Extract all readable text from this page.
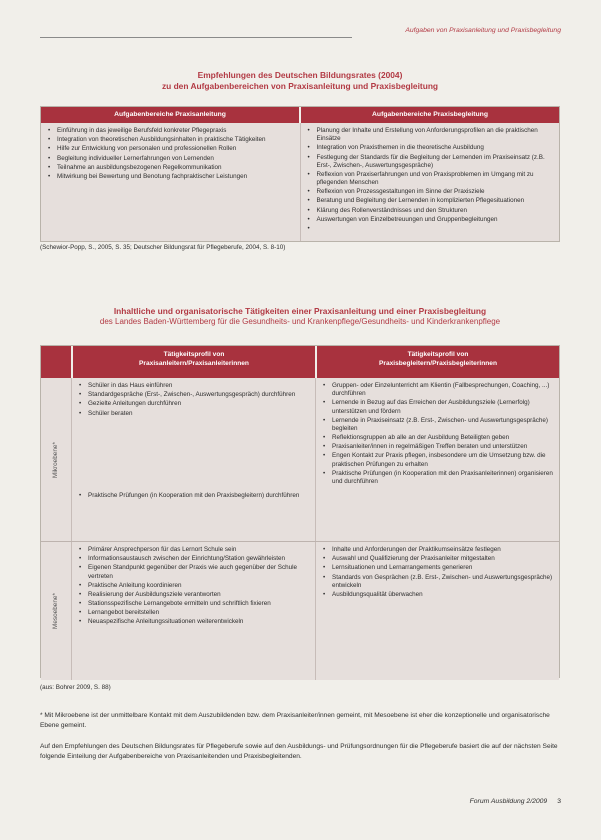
Aufgaben von Praxisanleitung und Praxisbegleitung
Empfehlungen des Deutschen Bildungsrates (2004)
zu den Aufgabenbereichen von Praxisanleitung und Praxisbegleitung
Aufgabenbereiche Praxisanleitung	Aufgabenbereiche Praxisbegleitung
• Einführung in das jeweilige Berufsfeld konkreter Pflegepraxis
• Integration von theoretischen Ausbildungsinhalten in praktische Tätigkeiten
• Hilfe zur Entwicklung von personalen und professionellen Rollen
• Begleitung individueller Lernerfahrungen von Lernenden
• Teilnahme an ausbildungsbezogenen Regelkommunikation
• Mitwirkung bei Bewertung und Benotung fachpraktischer Leistungen
• Planung der Inhalte und Erstellung von Anforderungsprofilen an die praktischen Einsätze
• Integration von Praxisthemen in die theoretische Ausbildung
• Festlegung der Standards für die Begleitung der Lernenden im Praxiseinsatz (z.B. Erst-, Zwischen-, Auswertungsgespräche)
• Reflexion von Praxiserfahrungen und von Praxisproblemen im Umgang mit zu pflegenden Menschen
• Reflexion von Prozessgestaltungen im Sinne der Praxisziele
• Beratung und Begleitung der Lernenden in komplizierten Pflegesituationen
• Klärung des Rollenverständnisses und den Strukturen
• Auswertungen von Einzelbetreuungen und Gruppenbegleitungen
(Schewior-Popp, S., 2005, S. 35; Deutscher Bildungsrat für Pflegeberufe, 2004, S. 8-10)
Inhaltliche und organisatorische Tätigkeiten einer Praxisanleitung und einer Praxisbegleitung
des Landes Baden-Württemberg für die Gesundheits- und Krankenpflege/Gesundheits- und Kinderkrankenpflege
Tätigkeitsprofil von
Praxisanleitern/Praxisanleiterinnen
Tätigkeitsprofil von
Praxisbegleitern/Praxisbegleiterinnen
Mikroebene*
• Schüler in das Haus einführen
• Standardgespräche (Erst-, Zwischen-, Auswertungsgespräch) durchführen
• Gezielte Anleitungen durchführen
• Schüler beraten
• Praktische Prüfungen (in Kooperation mit den Praxisbegleitern) durchführen
• Gruppen- oder Einzelunterricht am Klientin (Fallbesprechungen, Coaching, ...) durchführen
• Lernende in Bezug auf das Erreichen der Ausbildungsziele (Lernerfolg) unterstützen und fördern
• Lernende in Praxiseinsatz (z.B. Erst-, Zwischen- und Auswertungsgespräche) begleiten
• Reflektionsgruppen ab alle an der Ausbildung Beteiligten geben
• Praxisanleiter/innen in regelmäßigen Treffen beraten und unterstützen
• Engen Kontakt zur Praxis pflegen, insbesondere um die Umsetzung bzw. die praktischen Prüfungen zu erhalten
• Praktische Prüfungen (in Kooperation mit den Praxisanleiterinnen) organisieren und durchführen
Mesoebene*
• Primärer Ansprechperson für das Lernort Schule sein
• Informationsaustausch zwischen der Einrichtung/Station gewährleisten
• Eigenen Standpunkt gegenüber der Praxis wie auch gegenüber der Schule vertreten
• Praktische Anleitung koordinieren
• Realisierung der Ausbildungsziele verantworten
• Stationsspezifische Lernangebote ermitteln und schriftlich fixieren
• Lernangebot bereitstellen
• Neuaspezifische Anleitungssituationen weiterentwickeln
• Inhalte und Anforderungen der Praktikumseinsätze festlegen
• Auswahl und Qualifizierung der Praxisanleiter mitgestalten
• Lernsituationen und Lernarrangements generieren
• Standards von Gesprächen (z.B. Erst-, Zwischen- und Auswertungsgespräche) entwickeln
• Ausbildungsqualität überwachen
(aus: Bohrer 2009, S. 88)
* Mit Mikroebene ist der unmittelbare Kontakt mit dem Auszubildenden bzw. dem Praxisanleiter/innen gemeint, mit Mesoebene ist eher die konzeptionelle und organisatorische Ebene gemeint.
Auf den Empfehlungen des Deutschen Bildungsrates für Pflegeberufe sowie auf den Ausbildungs- und Prüfungsordnungen für die Pflegeberufe basiert die auf der nächsten Seite folgende Einteilung der Aufgabenbereiche von Praxisanleitenden und Praxisbegleitenden.
Forum Ausbildung 2/2009 3
